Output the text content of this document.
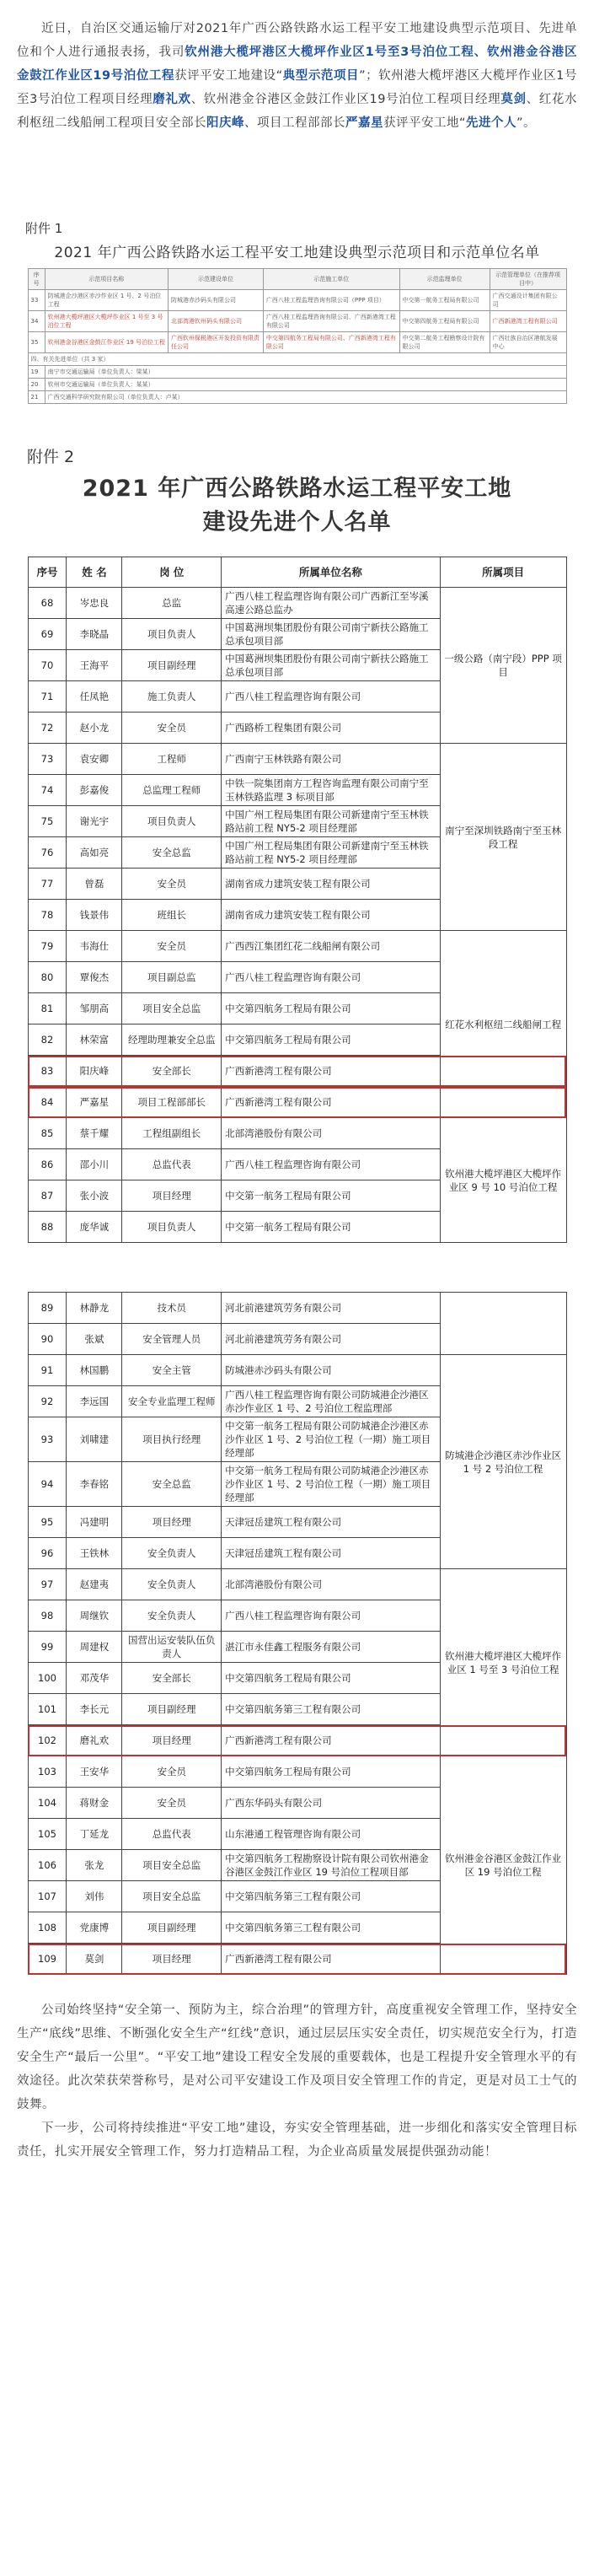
近日，自治区交通运输厅对2021年广西公路铁路水运工程平安工地建设典型示范项目、先进单位和个人进行通报表扬，我司钦州港大榄坪港区大榄坪作业区1号至3号泊位工程、钦州港金谷港区金鼓江作业区19号泊位工程获评平安工地建设“典型示范项目”；钦州港大榄坪港区大榄坪作业区1号至3号泊位工程项目经理磨礼欢、钦州港金谷港区金鼓江作业区19号泊位工程项目经理莫剑、红花水利枢纽二线船闸工程项目安全部长阳庆峰、项目工程部部长严嘉星获评平安工地“先进个人”。

附件 1
2021 年广西公路铁路水运工程平安工地建设典型示范项目和示范单位名单
序号	示范项目名称	示范建设单位	示范施工单位	示范监理单位	示范管理单位（在推荐项目中）
33	防城港企沙港区赤沙作业区 1 号、2 号泊位工程	防城港赤沙码头有限公司	广西八桂工程监理咨询有限公司（PPP 项目）	中交第一航务工程局有限公司	广西交通设计集团有限公司
34	钦州港大榄坪港区大榄坪作业区 1 号至 3 号泊位工程	北部湾港钦州码头有限公司	广西八桂工程监理咨询有限公司、广西新港湾工程有限公司	中交第四航务工程局有限公司	广西新港湾工程有限公司
35	钦州港金谷港区金鼓江作业区 19 号泊位工程	广西钦州保税港区开发投资有限责任公司	中交第四航务工程局有限公司、广西新港湾工程有限公司	中交第二航务工程勘察设计院有限公司	广西壮族自治区港航发展中心
四、有关先进单位（共 3 家）					
19	南宁市交通运输局（单位负责人：梁某）				
20	钦州市交通运输局（单位负责人：某某）				
21	广西交通科学研究院有限公司（单位负责人：卢某）				
附件 2
2021 年广西公路铁路水运工程平安工地
建设先进个人名单
序号	姓 名	岗 位	所属单位名称	所属项目
68	岑忠良	总监	广西八桂工程监理咨询有限公司广西新江至岑溪高速公路总监办	一级公路（南宁段）PPP 项目
69	李晓晶	项目负责人	中国葛洲坝集团股份有限公司南宁新扶公路施工总承包项目部	
70	王海平	项目副经理	中国葛洲坝集团股份有限公司南宁新扶公路施工总承包项目部	
71	任凤艳	施工负责人	广西八桂工程监理咨询有限公司	
72	赵小龙	安全员	广西路桥工程集团有限公司	
73	袁安卿	工程师	广西南宁玉林铁路有限公司	南宁至深圳铁路南宁至玉林段工程
74	彭嘉俊	总监理工程师	中铁一院集团南方工程咨询监理有限公司南宁至玉林铁路监理 3 标项目部	
75	谢光宇	项目负责人	中国广州工程局集团有限公司新建南宁至玉林铁路站前工程 NY5-2 项目经理部	
76	高如亮	安全总监	中国广州工程局集团有限公司新建南宁至玉林铁路站前工程 NY5-2 项目经理部	
77	曾磊	安全员	湖南省成力建筑安装工程有限公司	
78	钱景伟	班组长	湖南省成力建筑安装工程有限公司	
79	韦海仕	安全员	广西西江集团红花二线船闸有限公司	红花水利枢纽二线船闸工程
80	覃俊杰	项目副总监	广西八桂工程监理咨询有限公司	
81	邹朋高	项目安全总监	中交第四航务工程局有限公司	
82	林荣富	经理助理兼安全总监	中交第四航务工程局有限公司	
83	阳庆峰	安全部长	广西新港湾工程有限公司	
84	严嘉星	项目工程部部长	广西新港湾工程有限公司	
85	蔡千耀	工程组副组长	北部湾港股份有限公司	钦州港大榄坪港区大榄坪作业区 9 号 10 号泊位工程
86	邵小川	总监代表	广西八桂工程监理咨询有限公司	
87	张小波	项目经理	中交第一航务工程局有限公司	
88	庞华诚	项目负责人	中交第一航务工程局有限公司	
89	林静龙	技术员	河北前港建筑劳务有限公司	
90	张斌	安全管理人员	河北前港建筑劳务有限公司	
91	林国鹏	安全主管	防城港赤沙码头有限公司	防城港企沙港区赤沙作业区 1 号 2 号泊位工程
92	李远国	安全专业监理工程师	广西八桂工程监理咨询有限公司防城港企沙港区赤沙作业区 1 号、2 号泊位工程监理部	
93	刘啸建	项目执行经理	中交第一航务工程局有限公司防城港企沙港区赤沙作业区 1 号、2 号泊位工程（一期）施工项目经理部	
94	李春铭	安全总监	中交第一航务工程局有限公司防城港企沙港区赤沙作业区 1 号、2 号泊位工程（一期）施工项目经理部	
95	冯建明	项目经理	天津冠岳建筑工程有限公司	
96	王铁林	安全负责人	天津冠岳建筑工程有限公司	
97	赵建夷	安全负责人	北部湾港股份有限公司	钦州港大榄坪港区大榄坪作业区 1 号至 3 号泊位工程
98	周继钦	安全负责人	广西八桂工程监理咨询有限公司	
99	周建权	国营出运安装队伍负责人	湛江市永佳鑫工程服务有限公司	
100	邓茂华	安全部长	中交第四航务工程局有限公司	
101	李长元	项目副经理	中交第四航务第三工程有限公司	
102	磨礼欢	项目经理	广西新港湾工程有限公司	
103	王安华	安全员	中交第四航务工程局有限公司	钦州港金谷港区金鼓江作业区 19 号泊位工程
104	蒋财金	安全员	广西东华码头有限公司	
105	丁延龙	总监代表	山东港通工程管理咨询有限公司	
106	张龙	项目安全总监	中交第四航务工程勘察设计院有限公司钦州港金谷港区金鼓江作业区 19 号泊位工程项目部	
107	刘伟	项目安全总监	中交第四航务第三工程有限公司	
108	党康博	项目副经理	中交第四航务第三工程有限公司	
109	莫剑	项目经理	广西新港湾工程有限公司	

公司始终坚持“安全第一、预防为主，综合治理”的管理方针，高度重视安全管理工作，坚持安全生产“底线”思维、不断强化安全生产“红线”意识，通过层层压实安全责任，切实规范安全行为，打造安全生产“最后一公里”。“平安工地”建设工程安全发展的重要载体，也是工程提升安全管理水平的有效途径。此次荣获荣誉称号，是对公司平安建设工作及项目安全管理工作的肯定，更是对员工士气的鼓舞。

下一步，公司将持续推进“平安工地”建设，夯实安全管理基础，进一步细化和落实安全管理目标责任，扎实开展安全管理工作，努力打造精品工程，为企业高质量发展提供强劲动能！
